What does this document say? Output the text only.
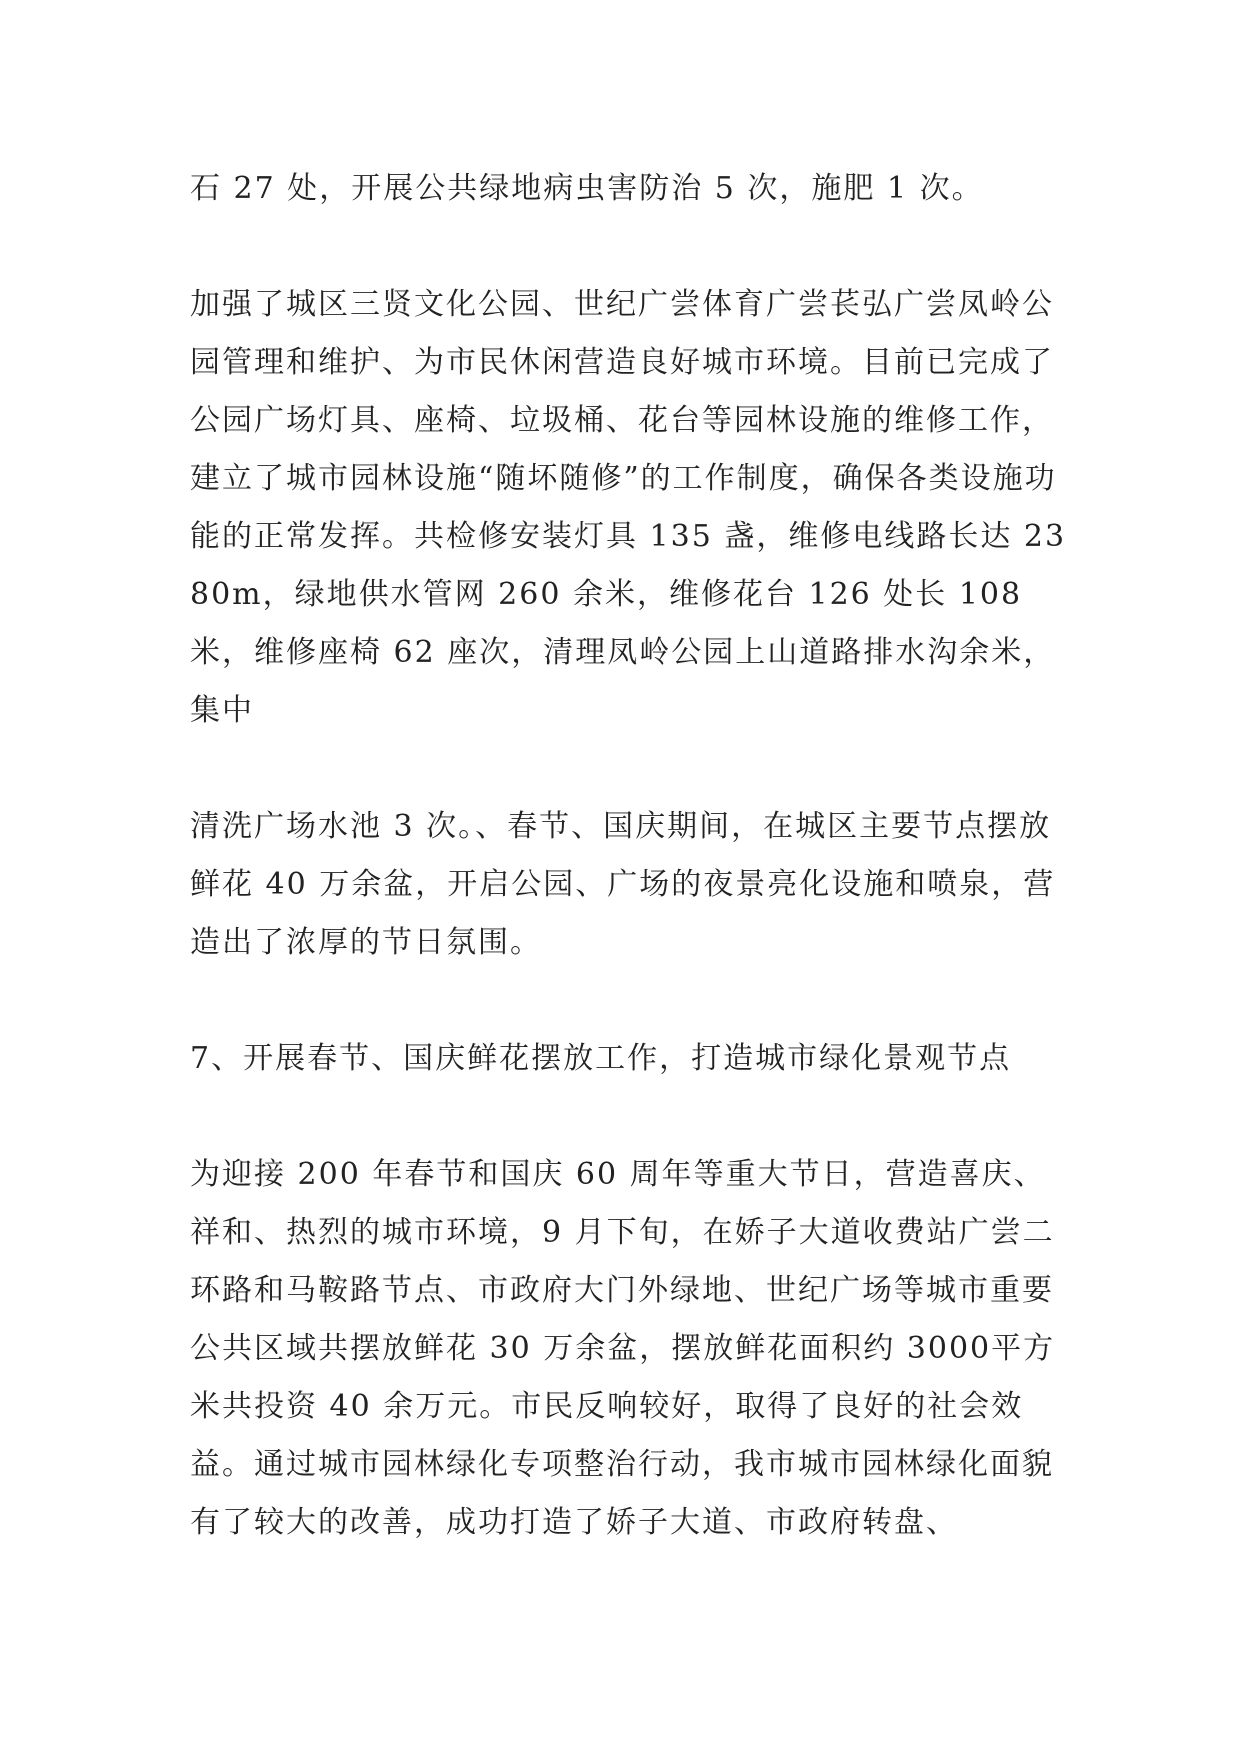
石 27 处，开展公共绿地病虫害防治 5 次，施肥 1 次。

加强了城区三贤文化公园、世纪广尝体育广尝苌弘广尝凤岭公园管理和维护、为市民休闲营造良好城市环境。目前已完成了公园广场灯具、座椅、垃圾桶、花台等园林设施的维修工作，建立了城市园林设施“随坏随修”的工作制度，确保各类设施功能的正常发挥。共检修安装灯具 135 盏，维修电线路长达 2380m，绿地供水管网 260 余米，维修花台 126 处长 108 米，维修座椅 62 座次，清理凤岭公园上山道路排水沟余米，集中

清洗广场水池 3 次。、春节、国庆期间，在城区主要节点摆放鲜花 40 万余盆，开启公园、广场的夜景亮化设施和喷泉，营造出了浓厚的节日氛围。

7、开展春节、国庆鲜花摆放工作，打造城市绿化景观节点

为迎接 200 年春节和国庆 60 周年等重大节日，营造喜庆、祥和、热烈的城市环境，9 月下旬，在娇子大道收费站广尝二环路和马鞍路节点、市政府大门外绿地、世纪广场等城市重要公共区域共摆放鲜花 30 万余盆，摆放鲜花面积约 3000平方米共投资 40 余万元。市民反响较好，取得了良好的社会效益。通过城市园林绿化专项整治行动，我市城市园林绿化面貌有了较大的改善，成功打造了娇子大道、市政府转盘、
